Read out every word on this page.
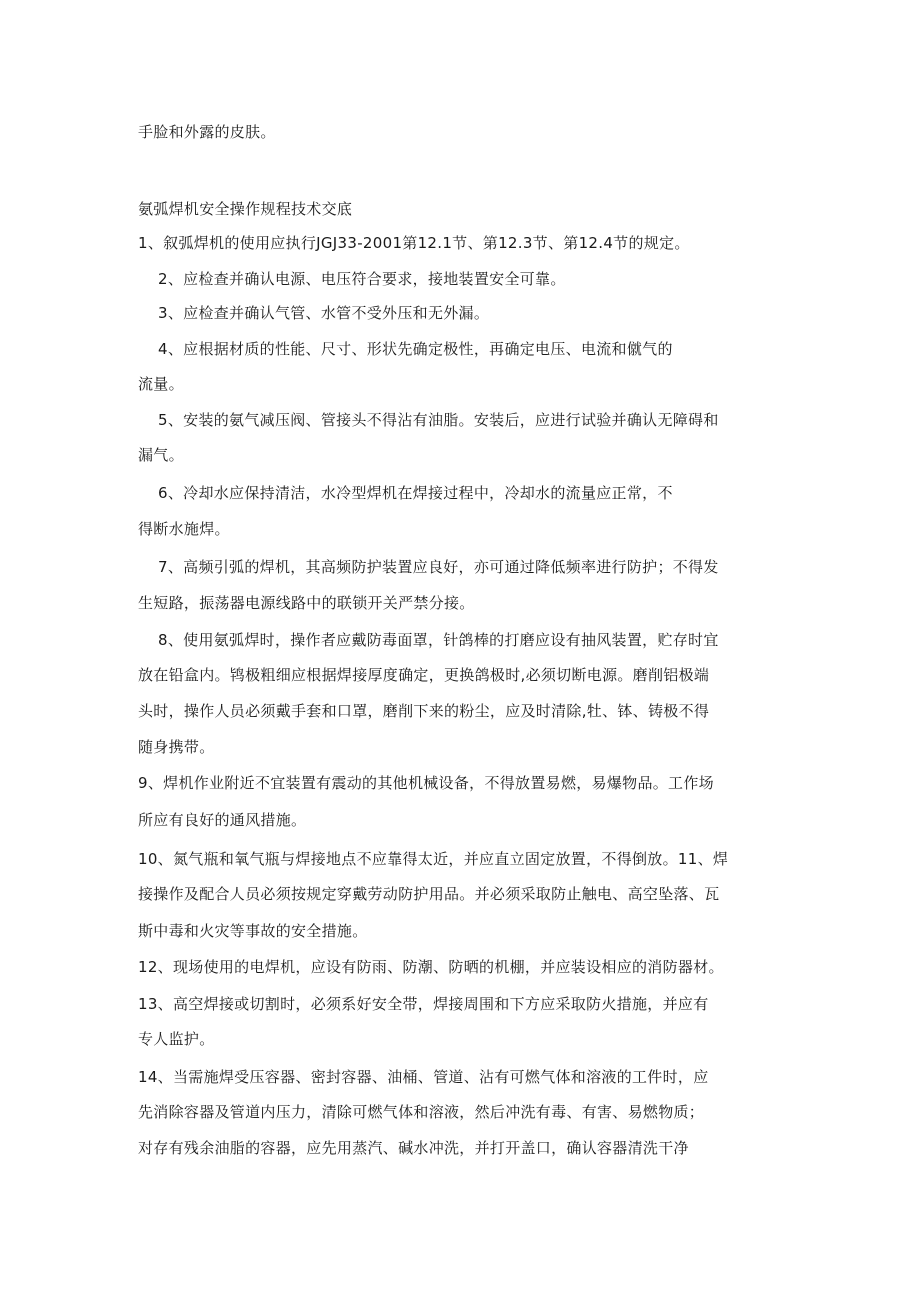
手脸和外露的皮肤。
氨弧焊机安全操作规程技术交底
1、叙弧焊机的使用应执行JGJ33-2001第12.1节、第12.3节、第12.4节的规定。
2、应检查并确认电源、电压符合要求，接地装置安全可靠。
3、应检查并确认气管、水管不受外压和无外漏。
4、应根据材质的性能、尺寸、形状先确定极性，再确定电压、电流和僦气的
流量。
5、安装的氨气减压阀、管接头不得沾有油脂。安装后，应进行试验并确认无障碍和
漏气。
6、冷却水应保持清洁，水冷型焊机在焊接过程中，冷却水的流量应正常，不
得断水施焊。
7、高频引弧的焊机，其高频防护装置应良好，亦可通过降低频率进行防护；不得发
生短路，振荡器电源线路中的联锁开关严禁分接。
8、使用氨弧焊时，操作者应戴防毒面罩，针鸽棒的打磨应设有抽风装置，贮存时宜
放在铅盒内。鸨极粗细应根据焊接厚度确定，更换鸽极时,必须切断电源。磨削铝极端
头时，操作人员必须戴手套和口罩，磨削下来的粉尘，应及时清除,牡、钵、铸极不得
随身携带。
9、焊机作业附近不宜装置有震动的其他机械设备，不得放置易燃，易爆物品。工作场
所应有良好的通风措施。
10、氮气瓶和氧气瓶与焊接地点不应靠得太近，并应直立固定放置，不得倒放。11、焊
接操作及配合人员必须按规定穿戴劳动防护用品。并必须采取防止触电、高空坠落、瓦
斯中毒和火灾等事故的安全措施。
12、现场使用的电焊机，应设有防雨、防潮、防晒的机棚，并应装设相应的消防器材。
13、高空焊接或切割时，必须系好安全带，焊接周围和下方应采取防火措施，并应有
专人监护。
14、当需施焊受压容器、密封容器、油桶、管道、沾有可燃气体和溶液的工件时，应
先消除容器及管道内压力，清除可燃气体和溶液，然后冲洗有毒、有害、易燃物质；
对存有残余油脂的容器，应先用蒸汽、碱水冲洗，并打开盖口，确认容器清洗干净
